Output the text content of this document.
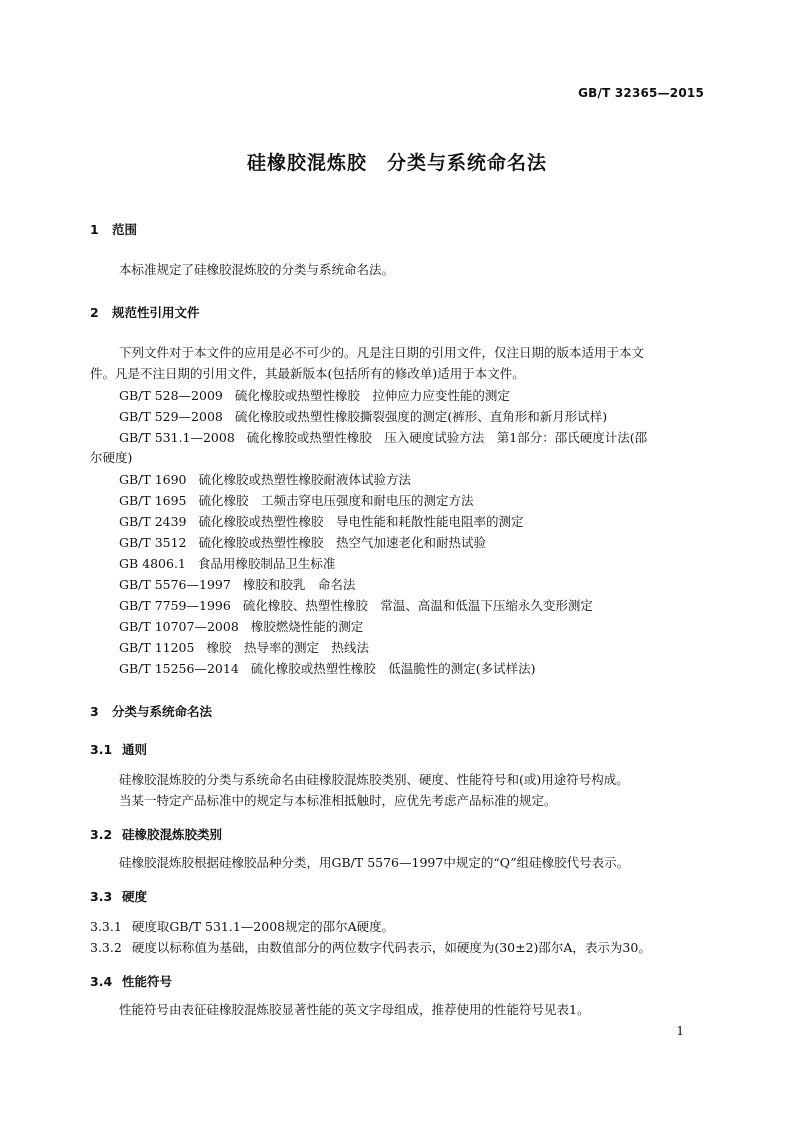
GB/T 32365—2015
硅橡胶混炼胶　分类与系统命名法
1 范围
本标准规定了硅橡胶混炼胶的分类与系统命名法。
2 规范性引用文件
下列文件对于本文件的应用是必不可少的。凡是注日期的引用文件，仅注日期的版本适用于本文
件。凡是不注日期的引用文件，其最新版本(包括所有的修改单)适用于本文件。
GB/T 528—2009 硫化橡胶或热塑性橡胶　拉伸应力应变性能的测定
GB/T 529—2008 硫化橡胶或热塑性橡胶撕裂强度的测定(裤形、直角形和新月形试样)
GB/T 531.1—2008 硫化橡胶或热塑性橡胶　压入硬度试验方法　第1部分：邵氏硬度计法(邵
尔硬度)
GB/T 1690 硫化橡胶或热塑性橡胶耐液体试验方法
GB/T 1695 硫化橡胶　工频击穿电压强度和耐电压的测定方法
GB/T 2439 硫化橡胶或热塑性橡胶　导电性能和耗散性能电阻率的测定
GB/T 3512 硫化橡胶或热塑性橡胶　热空气加速老化和耐热试验
GB 4806.1 食品用橡胶制品卫生标准
GB/T 5576—1997 橡胶和胶乳　命名法
GB/T 7759—1996 硫化橡胶、热塑性橡胶　常温、高温和低温下压缩永久变形测定
GB/T 10707—2008 橡胶燃烧性能的测定
GB/T 11205 橡胶　热导率的测定　热线法
GB/T 15256—2014 硫化橡胶或热塑性橡胶　低温脆性的测定(多试样法)
3 分类与系统命名法
3.1 通则
硅橡胶混炼胶的分类与系统命名由硅橡胶混炼胶类别、硬度、性能符号和(或)用途符号构成。
当某一特定产品标准中的规定与本标准相抵触时，应优先考虑产品标准的规定。
3.2 硅橡胶混炼胶类别
硅橡胶混炼胶根据硅橡胶品种分类，用GB/T 5576—1997中规定的“Q”组硅橡胶代号表示。
3.3 硬度
3.3.1 硬度取GB/T 531.1—2008规定的邵尔A硬度。
3.3.2 硬度以标称值为基础，由数值部分的两位数字代码表示，如硬度为(30±2)邵尔A，表示为30。
3.4 性能符号
性能符号由表征硅橡胶混炼胶显著性能的英文字母组成，推荐使用的性能符号见表1。
1
